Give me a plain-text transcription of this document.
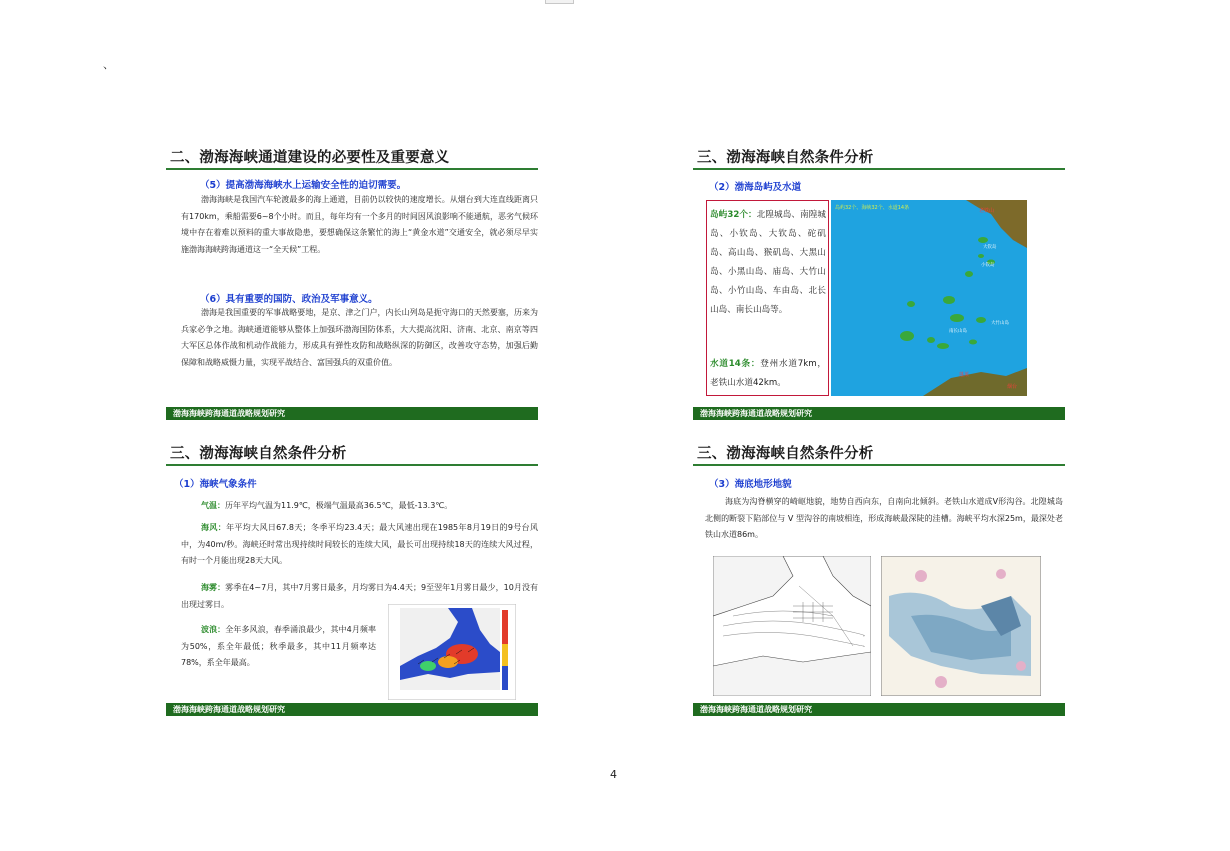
、
二、渤海海峡通道建设的必要性及重要意义
（5）提高渤海海峡水上运输安全性的迫切需要。
渤海海峡是我国汽车轮渡最多的海上通道，目前仍以较快的速度增长。从烟台到大连直线距离只有170km，乘船需要6~8个小时。而且，每年均有一个多月的时间因风浪影响不能通航，恶劣气候环境中存在着难以预料的重大事故隐患，要想确保这条繁忙的海上“黄金水道”交通安全，就必须尽早实施渤海海峡跨海通道这一“全天候”工程。
（6）具有重要的国防、政治及军事意义。
渤海是我国重要的军事战略要地，是京、津之门户，内长山列岛是扼守海口的天然要塞，历来为兵家必争之地。海峡通道能够从整体上加强环渤海国防体系，大大提高沈阳、济南、北京、南京等四大军区总体作战和机动作战能力，形成具有弹性攻防和战略纵深的防御区，改善攻守态势，加强后勤保障和战略威慑力量，实现平战结合、富国强兵的双重价值。
渤海海峡跨海通道战略规划研究
三、渤海海峡自然条件分析
（2）渤海岛屿及水道
岛屿32个：北隍城岛、南隍城岛、小钦岛、大钦岛、砣矶岛、高山岛、猴矶岛、大黑山岛、小黑山岛、庙岛、大竹山岛、小竹山岛、车由岛、北长山岛、南长山岛等。
水道14条：登州水道7km，老铁山水道42km。
岛屿32个、海峡32个、水道14条	老铁山
大钦岛
大竹山岛
南长山岛
小钦岛
蓬莱
烟台
渤海海峡跨海通道战略规划研究
三、渤海海峡自然条件分析
（1）海峡气象条件
气温：历年平均气温为11.9℃，极端气温最高36.5℃，最低-13.3℃。
海风：年平均大风日67.8天；冬季平均23.4天；最大风速出现在1985年8月19日的9号台风中，为40m/秒。海峡还时常出现持续时间较长的连续大风，最长可出现持续18天的连续大风过程，有时一个月能出现28天大风。
海雾：雾季在4~7月，其中7月雾日最多，月均雾日为4.4天；9至翌年1月雾日最少，10月没有出现过雾日。
波浪：全年多风浪，春季涌浪最少，其中4月频率为50%，系全年最低；秋季最多，其中11月频率达78%，系全年最高。
渤海海峡跨海通道战略规划研究
三、渤海海峡自然条件分析
（3）海底地形地貌
海底为沟脊横穿的崎岖地貌，地势自西向东，自南向北倾斜。老铁山水道成V形沟谷。北隍城岛北侧的断裂下陷部位与 V 型沟谷的南坡相连，形成海峡最深陡的洼槽。海峡平均水深25m，最深处老铁山水道86m。
渤海海峡跨海通道战略规划研究
4
